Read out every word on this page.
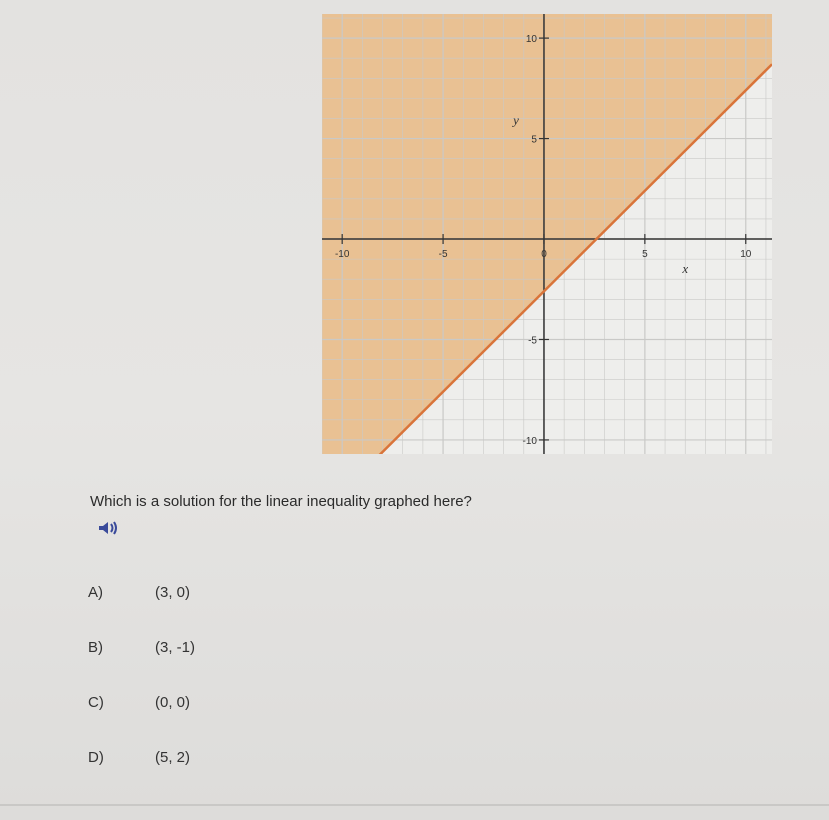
-10	-5	0	5	10
10
5
-5
-10
x
y
Which is a solution for the linear inequality graphed here?
A)	(3, 0)
B)	(3, -1)
C)	(0, 0)
D)	(5, 2)
